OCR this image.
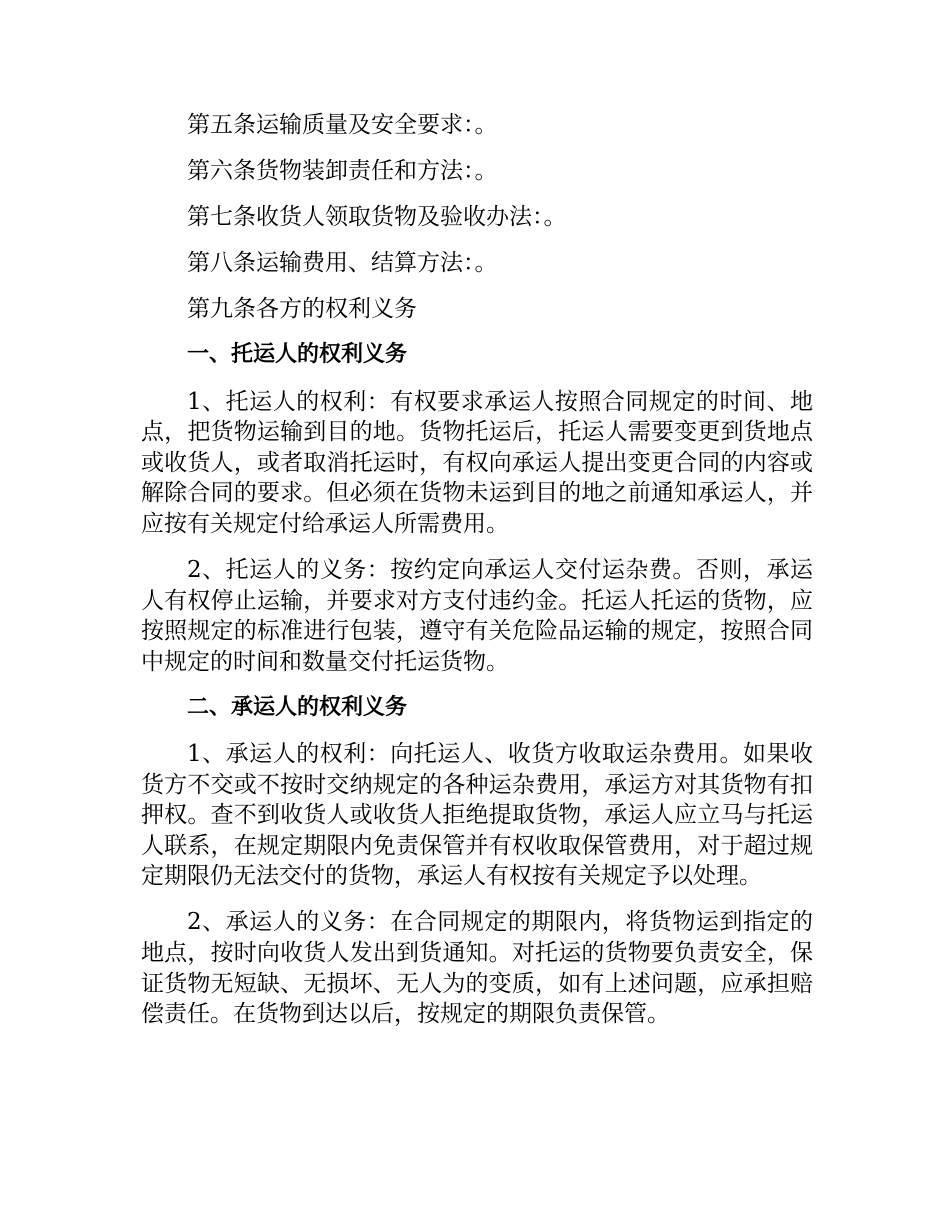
第五条运输质量及安全要求：。

第六条货物装卸责任和方法：。

第七条收货人领取货物及验收办法：。

第八条运输费用、结算方法：。

第九条各方的权利义务

一、托运人的权利义务

1、托运人的权利：有权要求承运人按照合同规定的时间、地点，把货物运输到目的地。货物托运后，托运人需要变更到货地点或收货人，或者取消托运时，有权向承运人提出变更合同的内容或解除合同的要求。但必须在货物未运到目的地之前通知承运人，并应按有关规定付给承运人所需费用。

2、托运人的义务：按约定向承运人交付运杂费。否则，承运人有权停止运输，并要求对方支付违约金。托运人托运的货物，应按照规定的标准进行包装，遵守有关危险品运输的规定，按照合同中规定的时间和数量交付托运货物。

二、承运人的权利义务

1、承运人的权利：向托运人、收货方收取运杂费用。如果收货方不交或不按时交纳规定的各种运杂费用，承运方对其货物有扣押权。查不到收货人或收货人拒绝提取货物，承运人应立马与托运人联系，在规定期限内免责保管并有权收取保管费用，对于超过规定期限仍无法交付的货物，承运人有权按有关规定予以处理。

2、承运人的义务：在合同规定的期限内，将货物运到指定的地点，按时向收货人发出到货通知。对托运的货物要负责安全，保证货物无短缺、无损坏、无人为的变质，如有上述问题，应承担赔偿责任。在货物到达以后，按规定的期限负责保管。
